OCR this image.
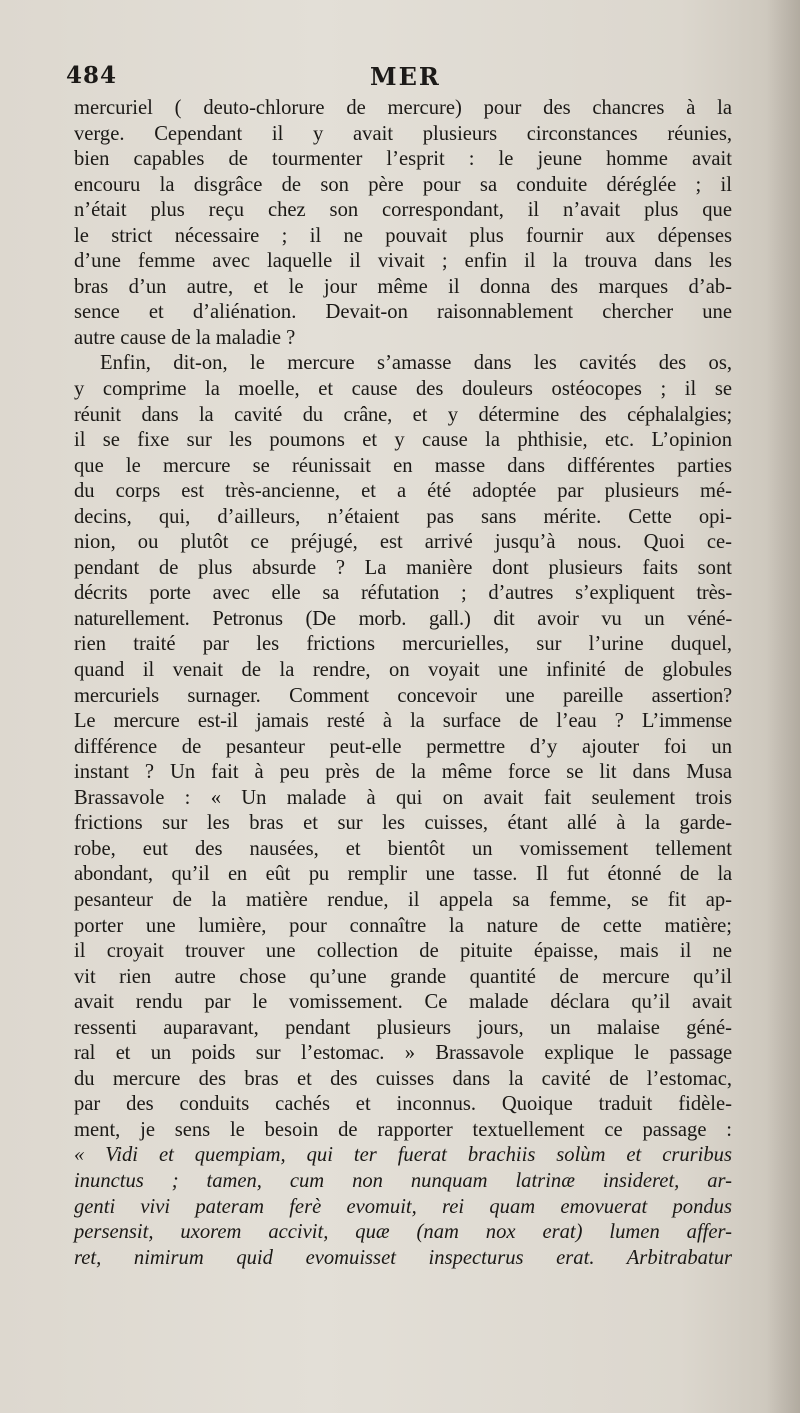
484	MER
mercuriel ( deuto-chlorure de mercure) pour des chancres à la
verge. Cependant il y avait plusieurs circonstances réunies,
bien capables de tourmenter l’esprit : le jeune homme avait
encouru la disgrâce de son père pour sa conduite déréglée ; il
n’était plus reçu chez son correspondant, il n’avait plus que
le strict nécessaire ; il ne pouvait plus fournir aux dépenses
d’une femme avec laquelle il vivait ; enfin il la trouva dans les
bras d’un autre, et le jour même il donna des marques d’ab-
sence et d’aliénation. Devait-on raisonnablement chercher une
autre cause de la maladie ?
Enfin, dit-on, le mercure s’amasse dans les cavités des os,
y comprime la moelle, et cause des douleurs ostéocopes ; il se
réunit dans la cavité du crâne, et y détermine des céphalalgies;
il se fixe sur les poumons et y cause la phthisie, etc. L’opinion
que le mercure se réunissait en masse dans différentes parties
du corps est très-ancienne, et a été adoptée par plusieurs mé-
decins, qui, d’ailleurs, n’étaient pas sans mérite. Cette opi-
nion, ou plutôt ce préjugé, est arrivé jusqu’à nous. Quoi ce-
pendant de plus absurde ? La manière dont plusieurs faits sont
décrits porte avec elle sa réfutation ; d’autres s’expliquent très-
naturellement. Petronus (De morb. gall.) dit avoir vu un véné-
rien traité par les frictions mercurielles, sur l’urine duquel,
quand il venait de la rendre, on voyait une infinité de globules
mercuriels surnager. Comment concevoir une pareille assertion?
Le mercure est-il jamais resté à la surface de l’eau ? L’immense
différence de pesanteur peut-elle permettre d’y ajouter foi un
instant ? Un fait à peu près de la même force se lit dans Musa
Brassavole : « Un malade à qui on avait fait seulement trois
frictions sur les bras et sur les cuisses, étant allé à la garde-
robe, eut des nausées, et bientôt un vomissement tellement
abondant, qu’il en eût pu remplir une tasse. Il fut étonné de la
pesanteur de la matière rendue, il appela sa femme, se fit ap-
porter une lumière, pour connaître la nature de cette matière;
il croyait trouver une collection de pituite épaisse, mais il ne
vit rien autre chose qu’une grande quantité de mercure qu’il
avait rendu par le vomissement. Ce malade déclara qu’il avait
ressenti auparavant, pendant plusieurs jours, un malaise géné-
ral et un poids sur l’estomac. » Brassavole explique le passage
du mercure des bras et des cuisses dans la cavité de l’estomac,
par des conduits cachés et inconnus. Quoique traduit fidèle-
ment, je sens le besoin de rapporter textuellement ce passage :
« Vidi et quempiam, qui ter fuerat brachiis solùm et cruribus
inunctus ; tamen, cum non nunquam latrinæ insideret, ar-
genti vivi pateram ferè evomuit, rei quam emovuerat pondus
persensit, uxorem accivit, quæ (nam nox erat) lumen affer-
ret, nimirum quid evomuisset inspecturus erat. Arbitrabatur
